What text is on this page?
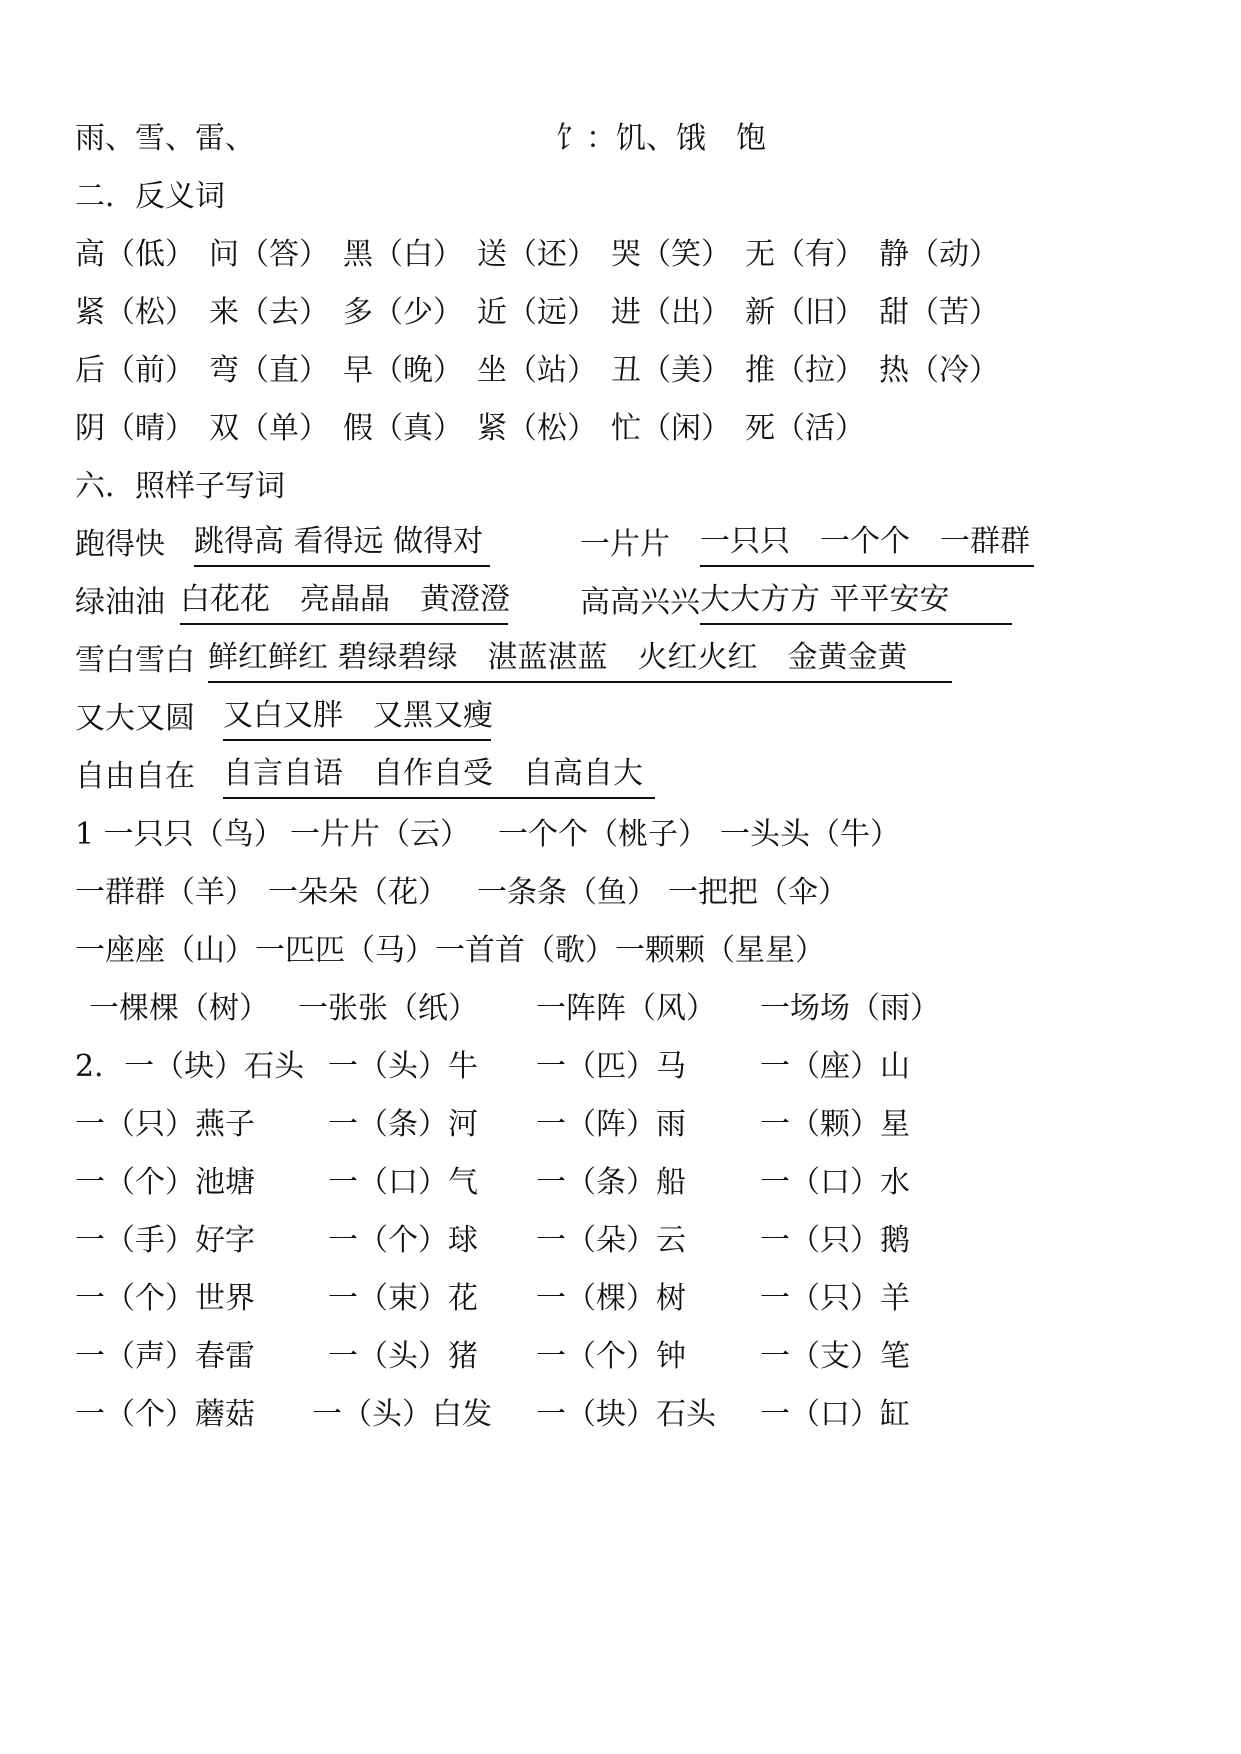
雨、雪、雷、	饣：饥、饿　饱
二．反义词
高（低） 问（答） 黑（白） 送（还） 哭（笑） 无（有） 静（动）
紧（松） 来（去） 多（少） 近（远） 进（出） 新（旧） 甜（苦）
后（前） 弯（直） 早（晚） 坐（站） 丑（美） 推（拉） 热（冷）
阴（晴） 双（单） 假（真） 紧（松） 忙（闲） 死（活）
六．照样子写词
跑得快 跳得高 看得远 做得对	一片片 一只只　一个个　一群群
绿油油 白花花　亮晶晶　黄澄澄 高高兴兴 大大方方 平平安安
雪白雪白 鲜红鲜红 碧绿碧绿　湛蓝湛蓝　火红火红　金黄金黄
又大又圆 又白又胖　又黑又瘦
自由自在 自言自语　自作自受　自高自大
1 一只只（鸟） 一片片（云） 一个个（桃子） 一头头（牛）
一群群（羊） 一朵朵（花） 一条条（鱼） 一把把（伞）
一座座（山）一匹匹（马）一首首（歌）一颗颗（星星）
一棵棵（树） 一张张（纸） 一阵阵（风） 一场场（雨）
2．一（块）石头 一（头）牛 一（匹）马 一（座）山
一（只）燕子 一（条）河 一（阵）雨 一（颗）星
一（个）池塘 一（口）气 一（条）船 一（口）水
一（手）好字 一（个）球 一（朵）云 一（只）鹅
一（个）世界 一（束）花 一（棵）树 一（只）羊
一（声）春雷 一（头）猪 一（个）钟 一（支）笔
一（个）蘑菇 一（头）白发 一（块）石头 一（口）缸
